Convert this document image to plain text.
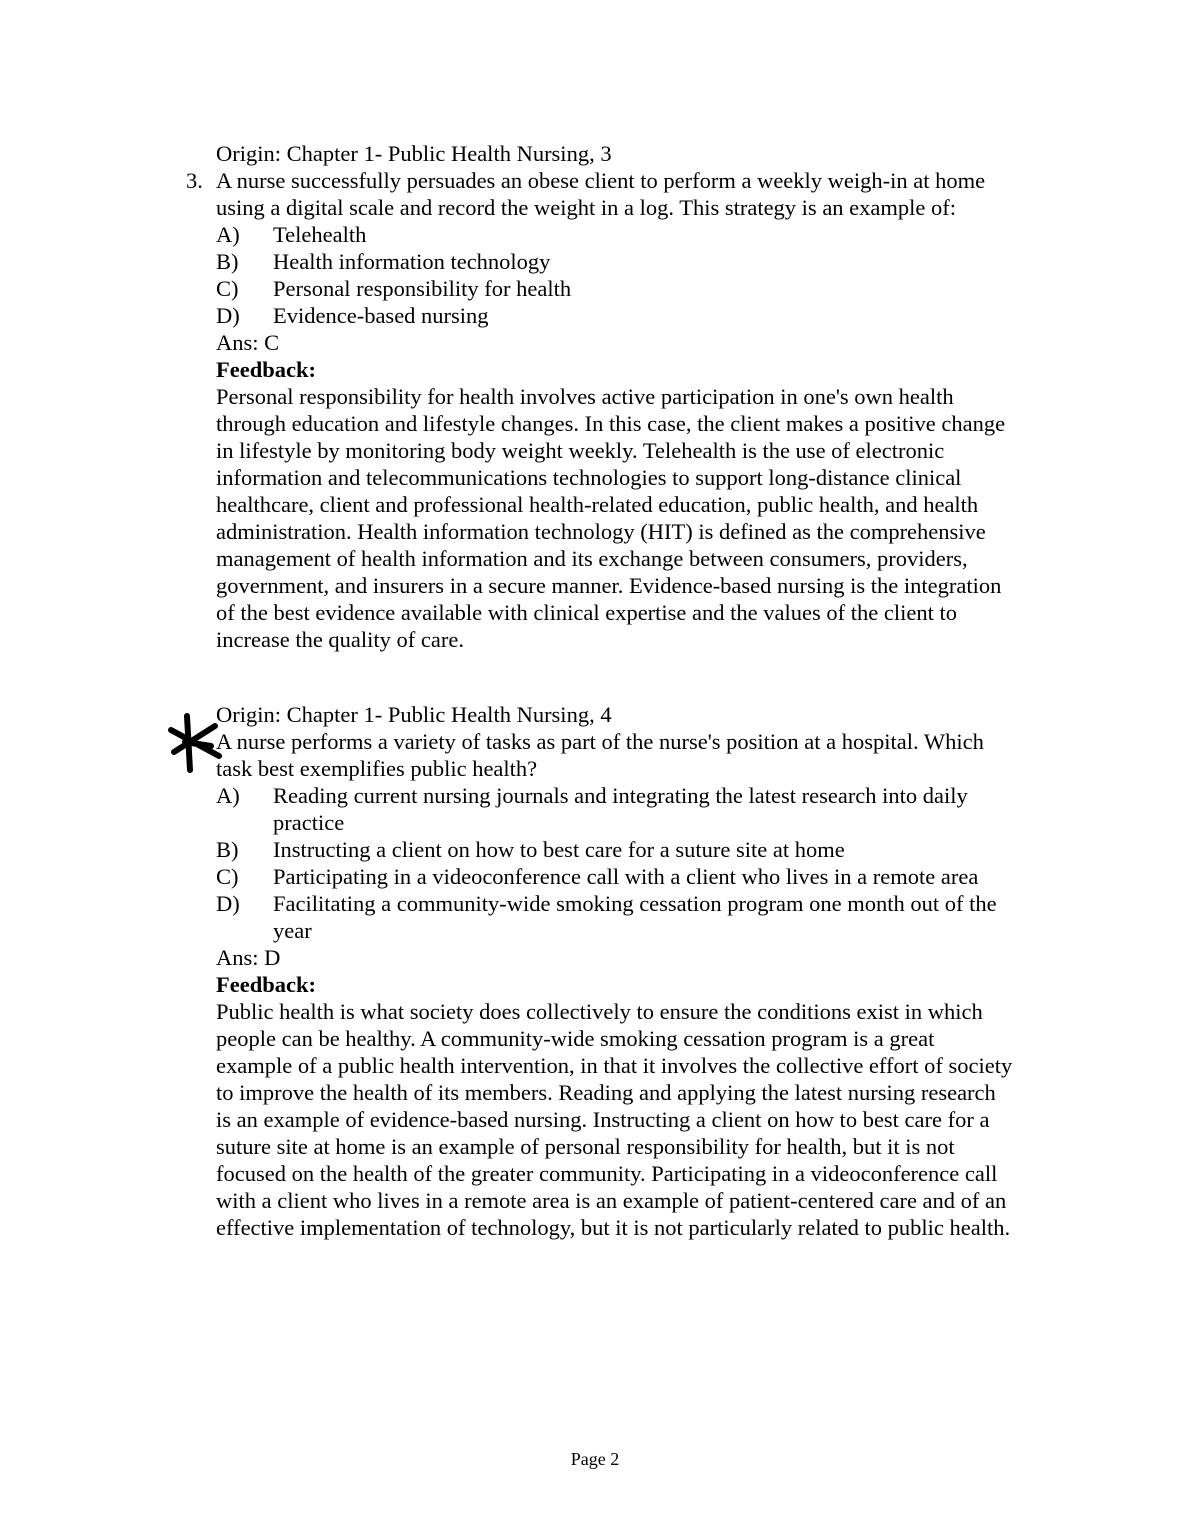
Origin: Chapter 1- Public Health Nursing, 3
3. A nurse successfully persuades an obese client to perform a weekly weigh-in at home
using a digital scale and record the weight in a log. This strategy is an example of:
A) Telehealth
B) Health information technology
C) Personal responsibility for health
D) Evidence-based nursing
Ans: C
Feedback:
Personal responsibility for health involves active participation in one's own health
through education and lifestyle changes. In this case, the client makes a positive change
in lifestyle by monitoring body weight weekly. Telehealth is the use of electronic
information and telecommunications technologies to support long-distance clinical
healthcare, client and professional health-related education, public health, and health
administration. Health information technology (HIT) is defined as the comprehensive
management of health information and its exchange between consumers, providers,
government, and insurers in a secure manner. Evidence-based nursing is the integration
of the best evidence available with clinical expertise and the values of the client to
increase the quality of care.
Origin: Chapter 1- Public Health Nursing, 4
A nurse performs a variety of tasks as part of the nurse's position at a hospital. Which
task best exemplifies public health?
A) Reading current nursing journals and integrating the latest research into daily
practice
B) Instructing a client on how to best care for a suture site at home
C) Participating in a videoconference call with a client who lives in a remote area
D) Facilitating a community-wide smoking cessation program one month out of the
year
Ans: D
Feedback:
Public health is what society does collectively to ensure the conditions exist in which
people can be healthy. A community-wide smoking cessation program is a great
example of a public health intervention, in that it involves the collective effort of society
to improve the health of its members. Reading and applying the latest nursing research
is an example of evidence-based nursing. Instructing a client on how to best care for a
suture site at home is an example of personal responsibility for health, but it is not
focused on the health of the greater community. Participating in a videoconference call
with a client who lives in a remote area is an example of patient-centered care and of an
effective implementation of technology, but it is not particularly related to public health.
Page 2
